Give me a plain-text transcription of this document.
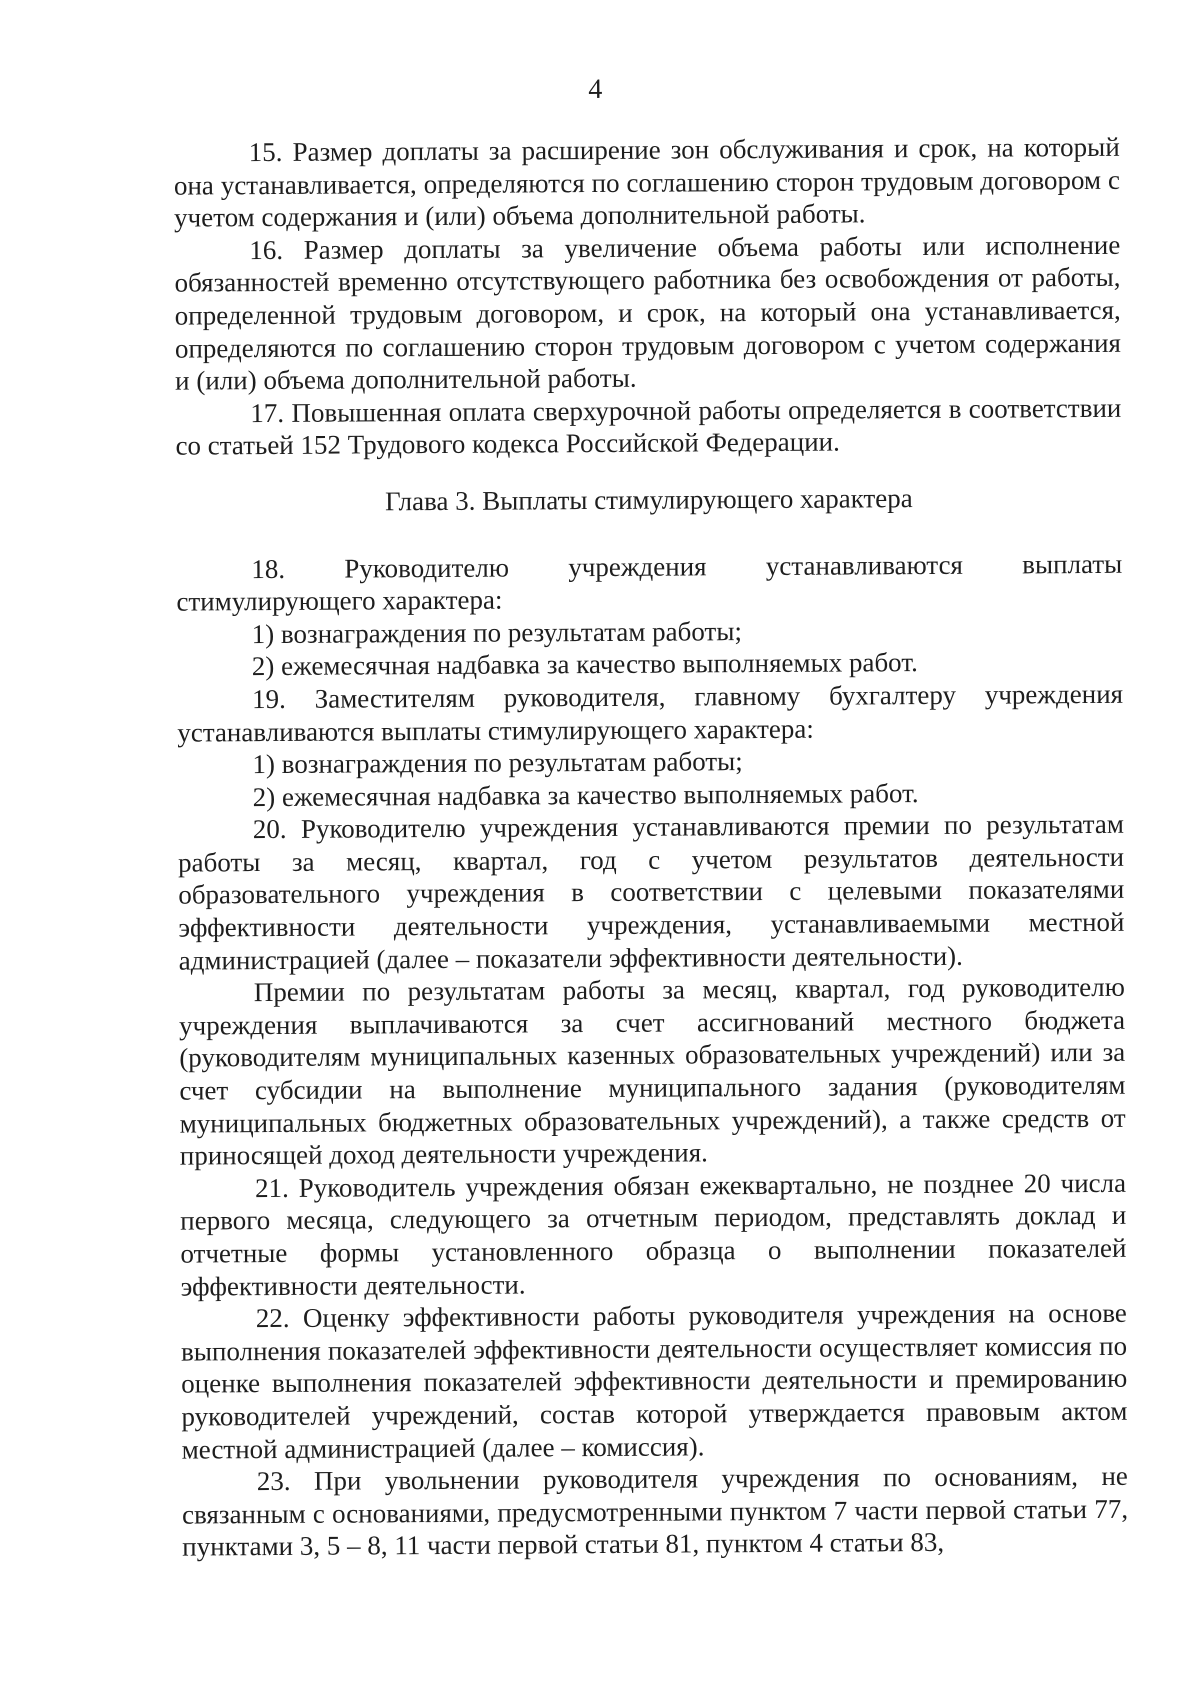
4

15. Размер доплаты за расширение зон обслуживания и срок, на который она устанавливается, определяются по соглашению сторон трудовым договором с учетом содержания и (или) объема дополнительной работы.

16. Размер доплаты за увеличение объема работы или исполнение обязанностей временно отсутствующего работника без освобождения от работы, определенной трудовым договором, и срок, на который она устанавливается, определяются по соглашению сторон трудовым договором с учетом содержания и (или) объема дополнительной работы.

17. Повышенная оплата сверхурочной работы определяется в соответствии со статьей 152 Трудового кодекса Российской Федерации.

Глава 3. Выплаты стимулирующего характера

18. Руководителю учреждения устанавливаются выплаты

стимулирующего характера:

1) вознаграждения по результатам работы;

2) ежемесячная надбавка за качество выполняемых работ.

19. Заместителям руководителя, главному бухгалтеру учреждения устанавливаются выплаты стимулирующего характера:

1) вознаграждения по результатам работы;

2) ежемесячная надбавка за качество выполняемых работ.

20. Руководителю учреждения устанавливаются премии по результатам работы за месяц, квартал, год с учетом результатов деятельности образовательного учреждения в соответствии с целевыми показателями эффективности деятельности учреждения, устанавливаемыми местной администрацией (далее – показатели эффективности деятельности).

Премии по результатам работы за месяц, квартал, год руководителю учреждения выплачиваются за счет ассигнований местного бюджета (руководителям муниципальных казенных образовательных учреждений) или за счет субсидии на выполнение муниципального задания (руководителям муниципальных бюджетных образовательных учреждений), а также средств от приносящей доход деятельности учреждения.

21. Руководитель учреждения обязан ежеквартально, не позднее 20 числа первого месяца, следующего за отчетным периодом, представлять доклад и отчетные формы установленного образца о выполнении показателей эффективности деятельности.

22. Оценку эффективности работы руководителя учреждения на основе выполнения показателей эффективности деятельности осуществляет комиссия по оценке выполнения показателей эффективности деятельности и премированию руководителей учреждений, состав которой утверждается правовым актом местной администрацией (далее – комиссия).

23. При увольнении руководителя учреждения по основаниям, не связанным с основаниями, предусмотренными пунктом 7 части первой статьи 77, пунктами 3, 5 – 8, 11 части первой статьи 81, пунктом 4 статьи 83,
